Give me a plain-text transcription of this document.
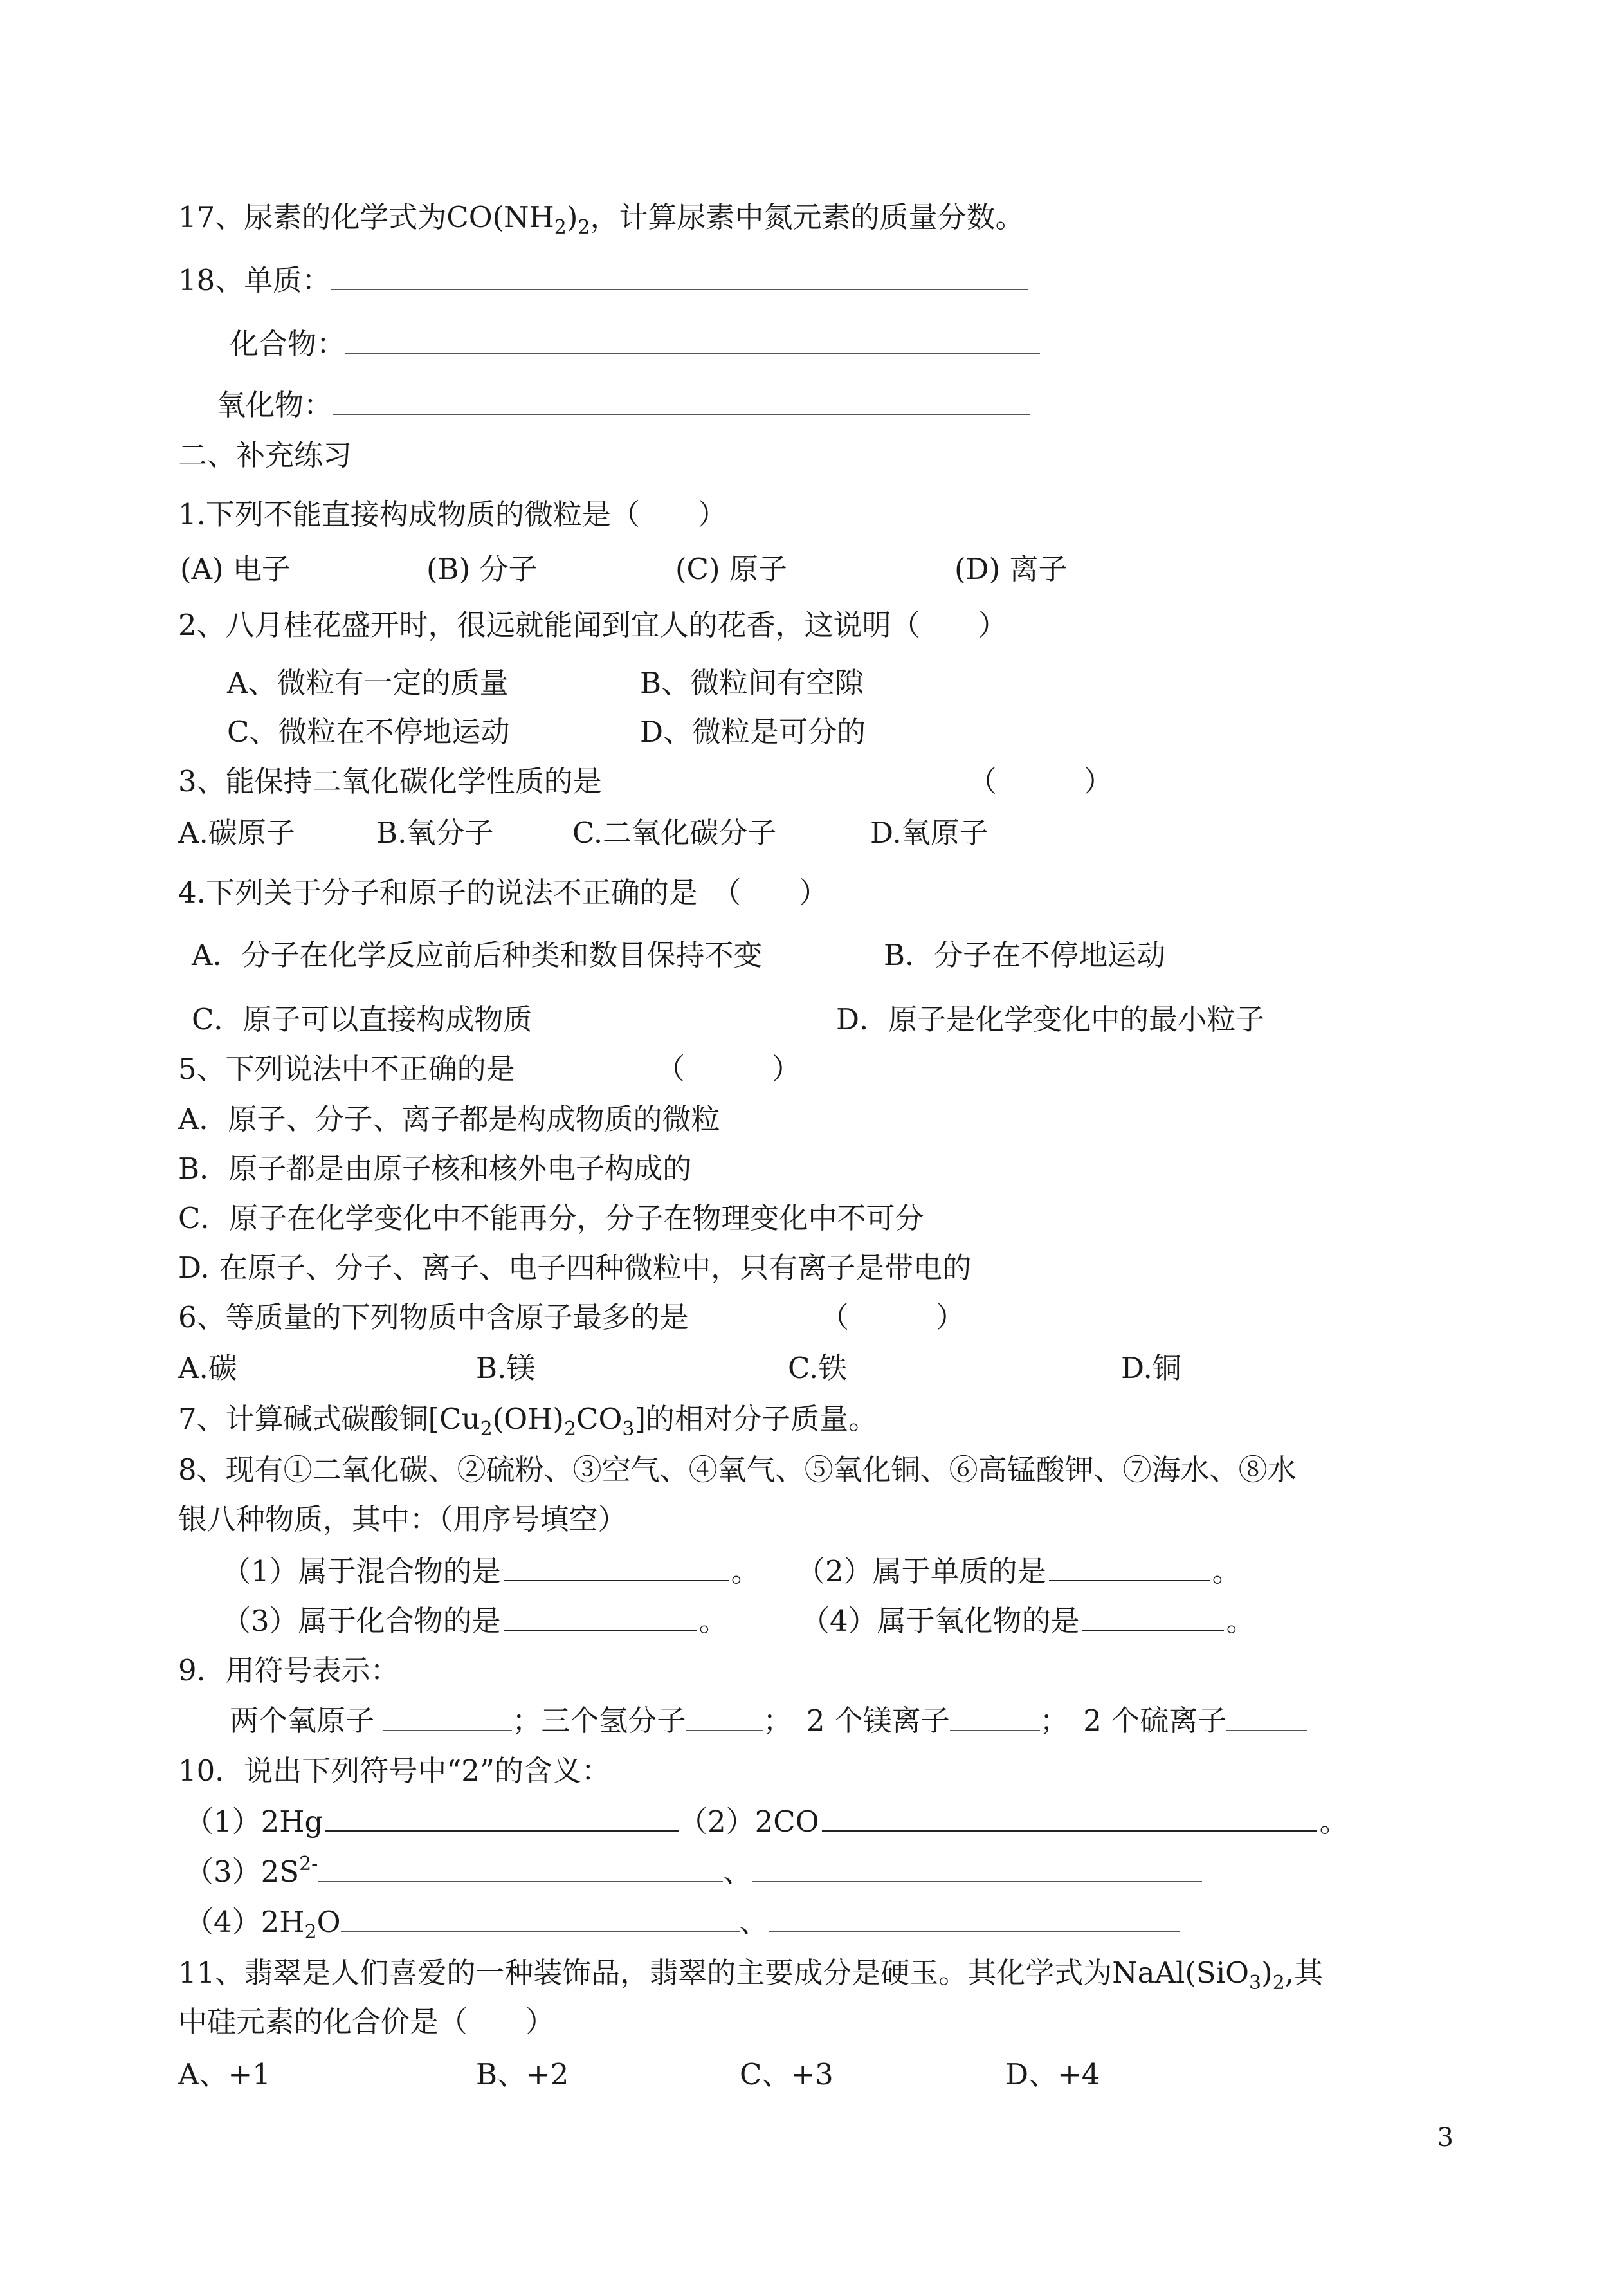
17、尿素的化学式为$CO(NH_2)_2$，计算尿素中氮元素的质量分数。
18、单质：
化合物：
氧化物：
二、补充练习
1.下列不能直接构成物质的微粒是（　　）
(A) 电子	(B) 分子	(C) 原子	(D) 离子
2、八月桂花盛开时，很远就能闻到宜人的花香，这说明（　　）
A、微粒有一定的质量	B、微粒间有空隙
C、微粒在不停地运动	D、微粒是可分的
3、能保持二氧化碳化学性质的是	（　　　）
A.碳原子	B.氧分子	C.二氧化碳分子	D.氧原子
4.下列关于分子和原子的说法不正确的是　（　　）
A．分子在化学反应前后种类和数目保持不变	B．分子在不停地运动
C．原子可以直接构成物质	D．原子是化学变化中的最小粒子
5、下列说法中不正确的是	（　　　）
A．原子、分子、离子都是构成物质的微粒
B．原子都是由原子核和核外电子构成的
C．原子在化学变化中不能再分，分子在物理变化中不可分
D. 在原子、分子、离子、电子四种微粒中，只有离子是带电的
6、等质量的下列物质中含原子最多的是	（　　　）
A.碳	B.镁	C.铁	D.铜
7、计算碱式碳酸铜$[Cu_2(OH)_2CO_3]$的相对分子质量。
8、现有①二氧化碳、②硫粉、③空气、④氧气、⑤氧化铜、⑥高锰酸钾、⑦海水、⑧水
银八种物质，其中：（用序号填空）
（1）属于混合物的是	。 （2）属于单质的是	。
（3）属于化合物的是	。	（4）属于氧化物的是	。
9．用符号表示：
两个氧原子	；三个氢分子	；　2 个镁离子	；　2 个硫离子
10．说出下列符号中“2”的含义：
（1）2Hg	（2）2CO	。
$(3)2S^{2-}$	、
$(4)2H_2O$	、
11、翡翠是人们喜爱的一种装饰品，翡翠的主要成分是硬玉。其化学式为$NaAl(SiO_3)_2$,其
中硅元素的化合价是（　　）
A、+1	B、+2	C、+3	D、+4
3
